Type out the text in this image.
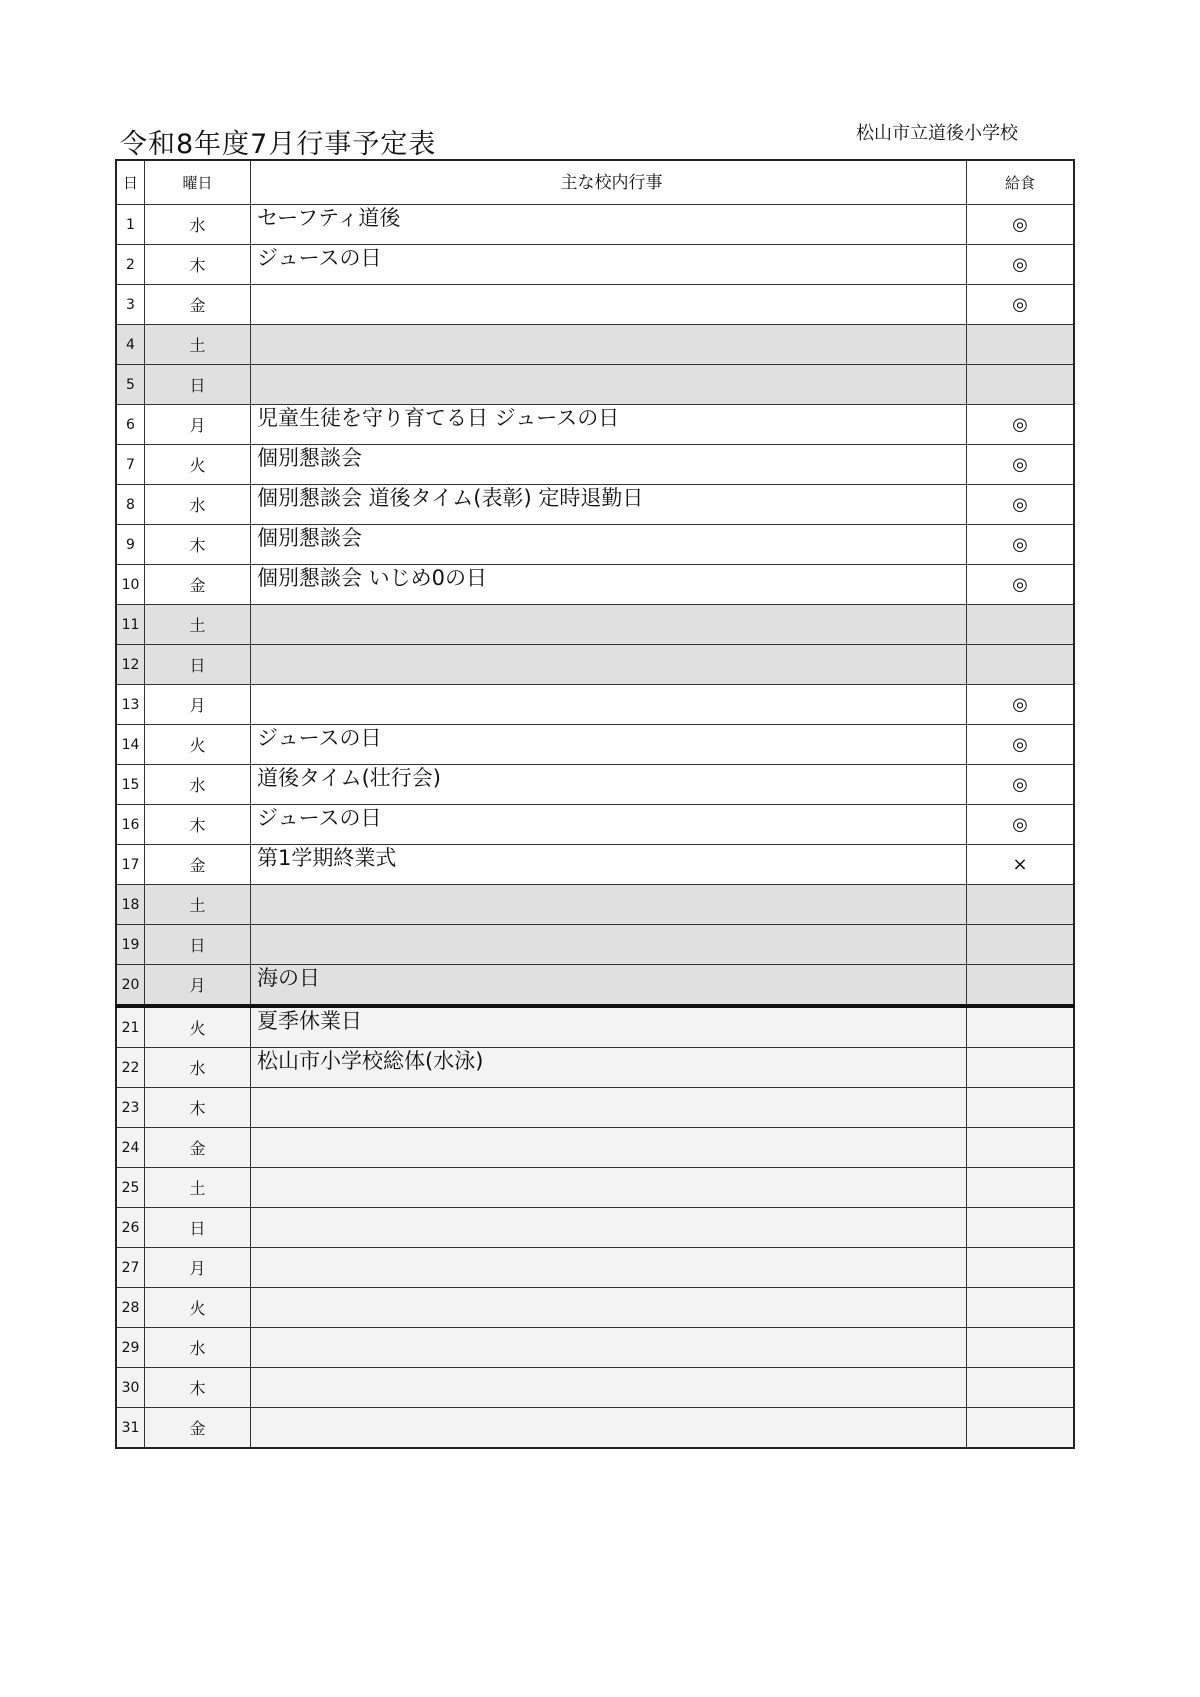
令和8年度7月行事予定表	松山市立道後小学校
日	曜日	主な校内行事	給食
1	水	セーフティ道後	◎
2	木	ジュースの日	◎
3	金		◎
4	土		
5	日		
6	月	児童生徒を守り育てる日 ジュースの日	◎
7	火	個別懇談会	◎
8	水	個別懇談会 道後タイム(表彰) 定時退勤日	◎
9	木	個別懇談会	◎
10	金	個別懇談会 いじめ0の日	◎
11	土		
12	日		
13	月		◎
14	火	ジュースの日	◎
15	水	道後タイム(壮行会)	◎
16	木	ジュースの日	◎
17	金	第1学期終業式	×
18	土		
19	日		
20	月	海の日	
21	火	夏季休業日	
22	水	松山市小学校総体(水泳)	
23	木		
24	金		
25	土		
26	日		
27	月		
28	火		
29	水		
30	木		
31	金		
